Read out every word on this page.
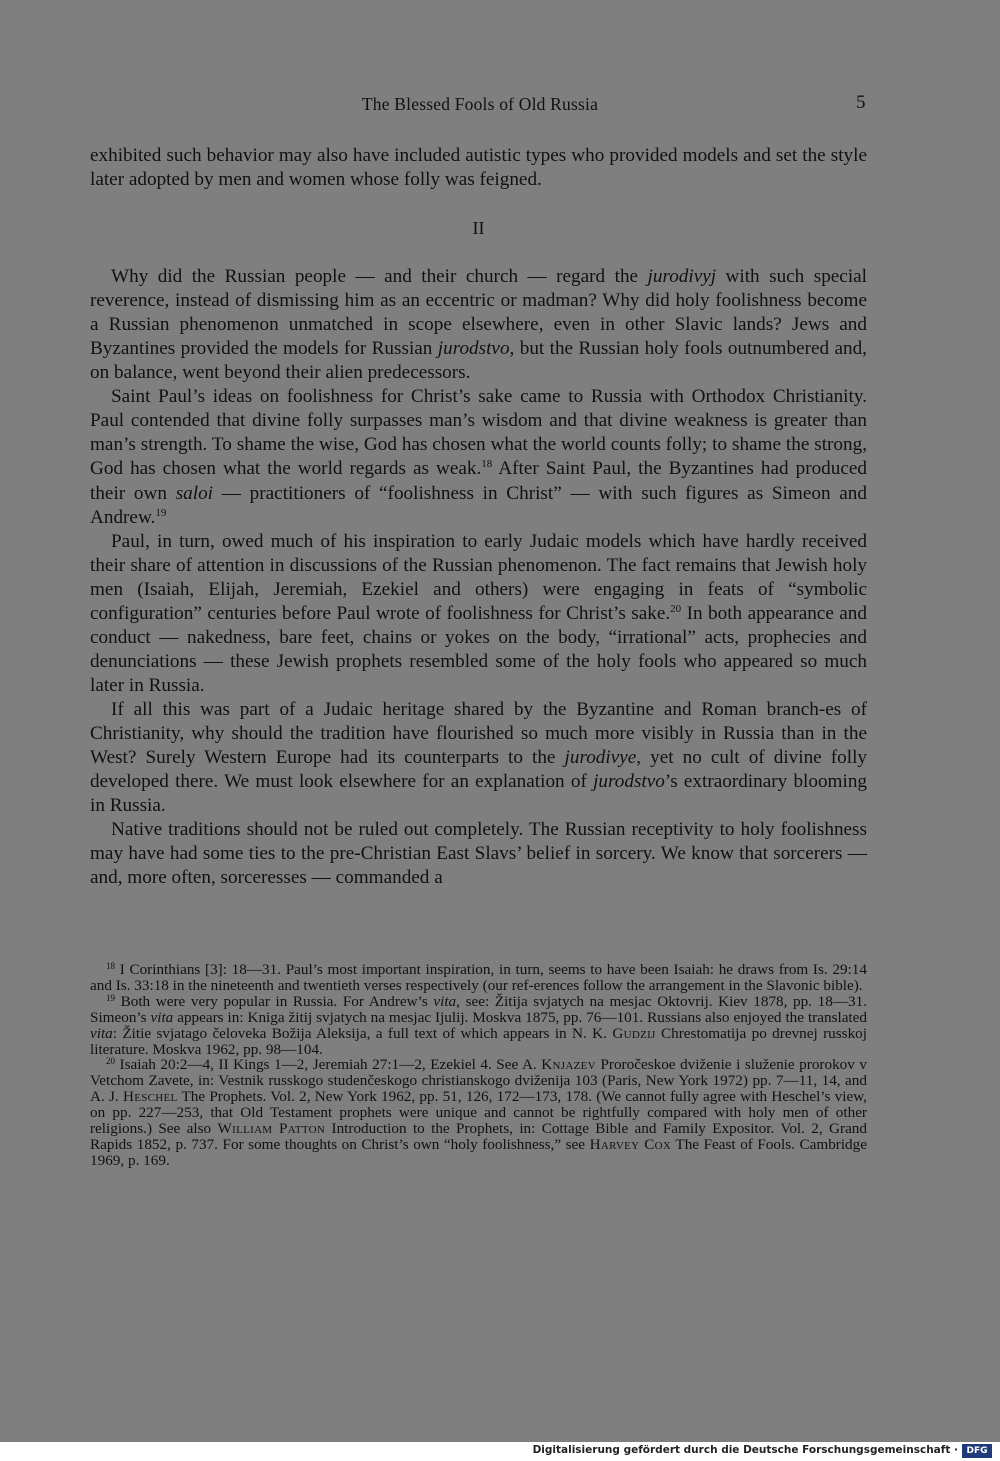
The Blessed Fools of Old Russia	5

exhibited such behavior may also have included autistic types who provided models and set the style later adopted by men and women whose folly was feigned.

II

Why did the Russian people — and their church — regard the jurodivyj with such special reverence, instead of dismissing him as an eccentric or madman? Why did holy foolishness become a Russian phenomenon unmatched in scope elsewhere, even in other Slavic lands? Jews and Byzantines provided the models for Russian jurodstvo, but the Russian holy fools outnumbered and, on balance, went beyond their alien predecessors.

Saint Paul’s ideas on foolishness for Christ’s sake came to Russia with Orthodox Christianity. Paul contended that divine folly surpasses man’s wisdom and that divine weakness is greater than man’s strength. To shame the wise, God has chosen what the world counts folly; to shame the strong, God has chosen what the world regards as weak.$^{18}$ After Saint Paul, the Byzantines had produced their own saloi — practitioners of “foolishness in Christ” — with such figures as Simeon and Andrew.$^{19}$

Paul, in turn, owed much of his inspiration to early Judaic models which have hardly received their share of attention in discussions of the Russian phenomenon. The fact remains that Jewish holy men (Isaiah, Elijah, Jeremiah, Ezekiel and others) were engaging in feats of “symbolic configuration” centuries before Paul wrote of foolishness for Christ’s sake.$^{20}$ In both appearance and conduct — nakedness, bare feet, chains or yokes on the body, “irrational” acts, prophecies and denunciations — these Jewish prophets resembled some of the holy fools who appeared so much later in Russia.

If all this was part of a Judaic heritage shared by the Byzantine and Roman branch-es of Christianity, why should the tradition have flourished so much more visibly in Russia than in the West? Surely Western Europe had its counterparts to the jurodivye, yet no cult of divine folly developed there. We must look elsewhere for an explanation of jurodstvo’s extraordinary blooming in Russia.

Native traditions should not be ruled out completely. The Russian receptivity to holy foolishness may have had some ties to the pre-Christian East Slavs’ belief in sorcery. We know that sorcerers — and, more often, sorceresses — commanded a

$^{18}$ I Corinthians [3]: 18—31. Paul’s most important inspiration, in turn, seems to have been Isaiah: he draws from Is. 29:14 and Is. 33:18 in the nineteenth and twentieth verses respectively (our ref-erences follow the arrangement in the Slavonic bible).

$^{19}$ Both were very popular in Russia. For Andrew’s vita, see: Žitija svjatych na mesjac Oktovrij. Kiev 1878, pp. 18—31. Simeon’s vita appears in: Kniga žitij svjatych na mesjac Ijulij. Moskva 1875, pp. 76—101. Russians also enjoyed the translated vita: Žitie svjatago čeloveka Božija Aleksija, a full text of which appears in N. K. Gudzij Chrestomatija po drevnej russkoj literature. Moskva 1962, pp. 98—104.

$^{20}$ Isaiah 20:2—4, II Kings 1—2, Jeremiah 27:1—2, Ezekiel 4. See A. Knjazev Proročeskoe dviženie i služenie prorokov v Vetchom Zavete, in: Vestnik russkogo studenčeskogo christianskogo dviženija 103 (Paris, New York 1972) pp. 7—11, 14, and A. J. Heschel The Prophets. Vol. 2, New York 1962, pp. 51, 126, 172—173, 178. (We cannot fully agree with Heschel’s view, on pp. 227—253, that Old Testament prophets were unique and cannot be rightfully compared with holy men of other religions.) See also William Patton Introduction to the Prophets, in: Cottage Bible and Family Expositor. Vol. 2, Grand Rapids 1852, p. 737. For some thoughts on Christ’s own “holy foolishness,” see Harvey Cox The Feast of Fools. Cambridge 1969, p. 169.

Digitalisierung gefördert durch die Deutsche Forschungsgemeinschaft · DFG
